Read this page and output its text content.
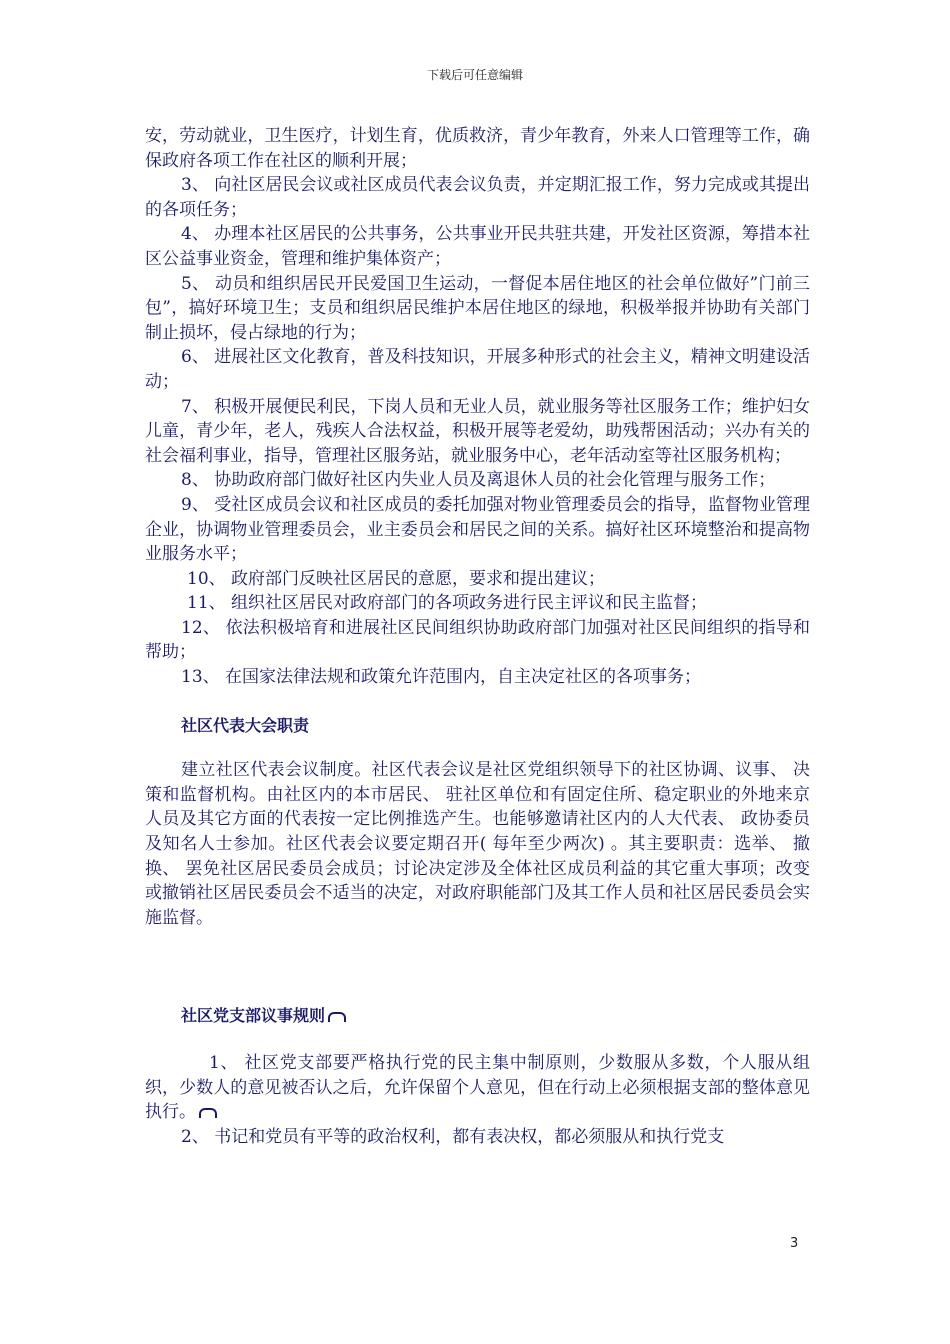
下载后可任意编辑

安，劳动就业，卫生医疗，计划生育，优质救济，青少年教育，外来人口管理等工作，确保政府各项工作在社区的顺利开展；

3、 向社区居民会议或社区成员代表会议负责，并定期汇报工作，努力完成或其提出的各项任务；

4、 办理本社区居民的公共事务，公共事业开民共驻共建，开发社区资源，筹措本社区公益事业资金，管理和维护集体资产；

5、 动员和组织居民开民爱国卫生运动，一督促本居住地区的社会单位做好”门前三包”，搞好环境卫生；支员和组织居民维护本居住地区的绿地，积极举报并协助有关部门制止损坏，侵占绿地的行为；

6、 进展社区文化教育，普及科技知识，开展多种形式的社会主义，精神文明建设活动；

7、 积极开展便民利民，下岗人员和无业人员，就业服务等社区服务工作；维护妇女儿童，青少年，老人，残疾人合法权益，积极开展等老爱幼，助残帮困活动；兴办有关的社会福利事业，指导，管理社区服务站，就业服务中心，老年活动室等社区服务机构；

8、 协助政府部门做好社区内失业人员及离退休人员的社会化管理与服务工作；

9、 受社区成员会议和社区成员的委托加强对物业管理委员会的指导，监督物业管理企业，协调物业管理委员会，业主委员会和居民之间的关系。搞好社区环境整治和提高物业服务水平；

10、 政府部门反映社区居民的意愿，要求和提出建议；

11、 组织社区居民对政府部门的各项政务进行民主评议和民主监督；

12、 依法积极培育和进展社区民间组织协助政府部门加强对社区民间组织的指导和帮助；

13、 在国家法律法规和政策允许范围内，自主决定社区的各项事务；

社区代表大会职责

建立社区代表会议制度。社区代表会议是社区党组织领导下的社区协调、议事、 决策和监督机构。由社区内的本市居民、 驻社区单位和有固定住所、稳定职业的外地来京人员及其它方面的代表按一定比例推选产生。也能够邀请社区内的人大代表、 政协委员及知名人士参加。社区代表会议要定期召开( 每年至少两次) 。其主要职责：选举、 撤换、 罢免社区居民委员会成员；讨论决定涉及全体社区成员利益的其它重大事项；改变或撤销社区居民委员会不适当的决定，对政府职能部门及其工作人员和社区居民委员会实施监督。

社区党支部议事规则

1、 社区党支部要严格执行党的民主集中制原则，少数服从多数，个人服从组织，少数人的意见被否认之后，允许保留个人意见，但在行动上必须根据支部的整体意见执行。

2、 书记和党员有平等的政治权利，都有表决权，都必须服从和执行党支

3
